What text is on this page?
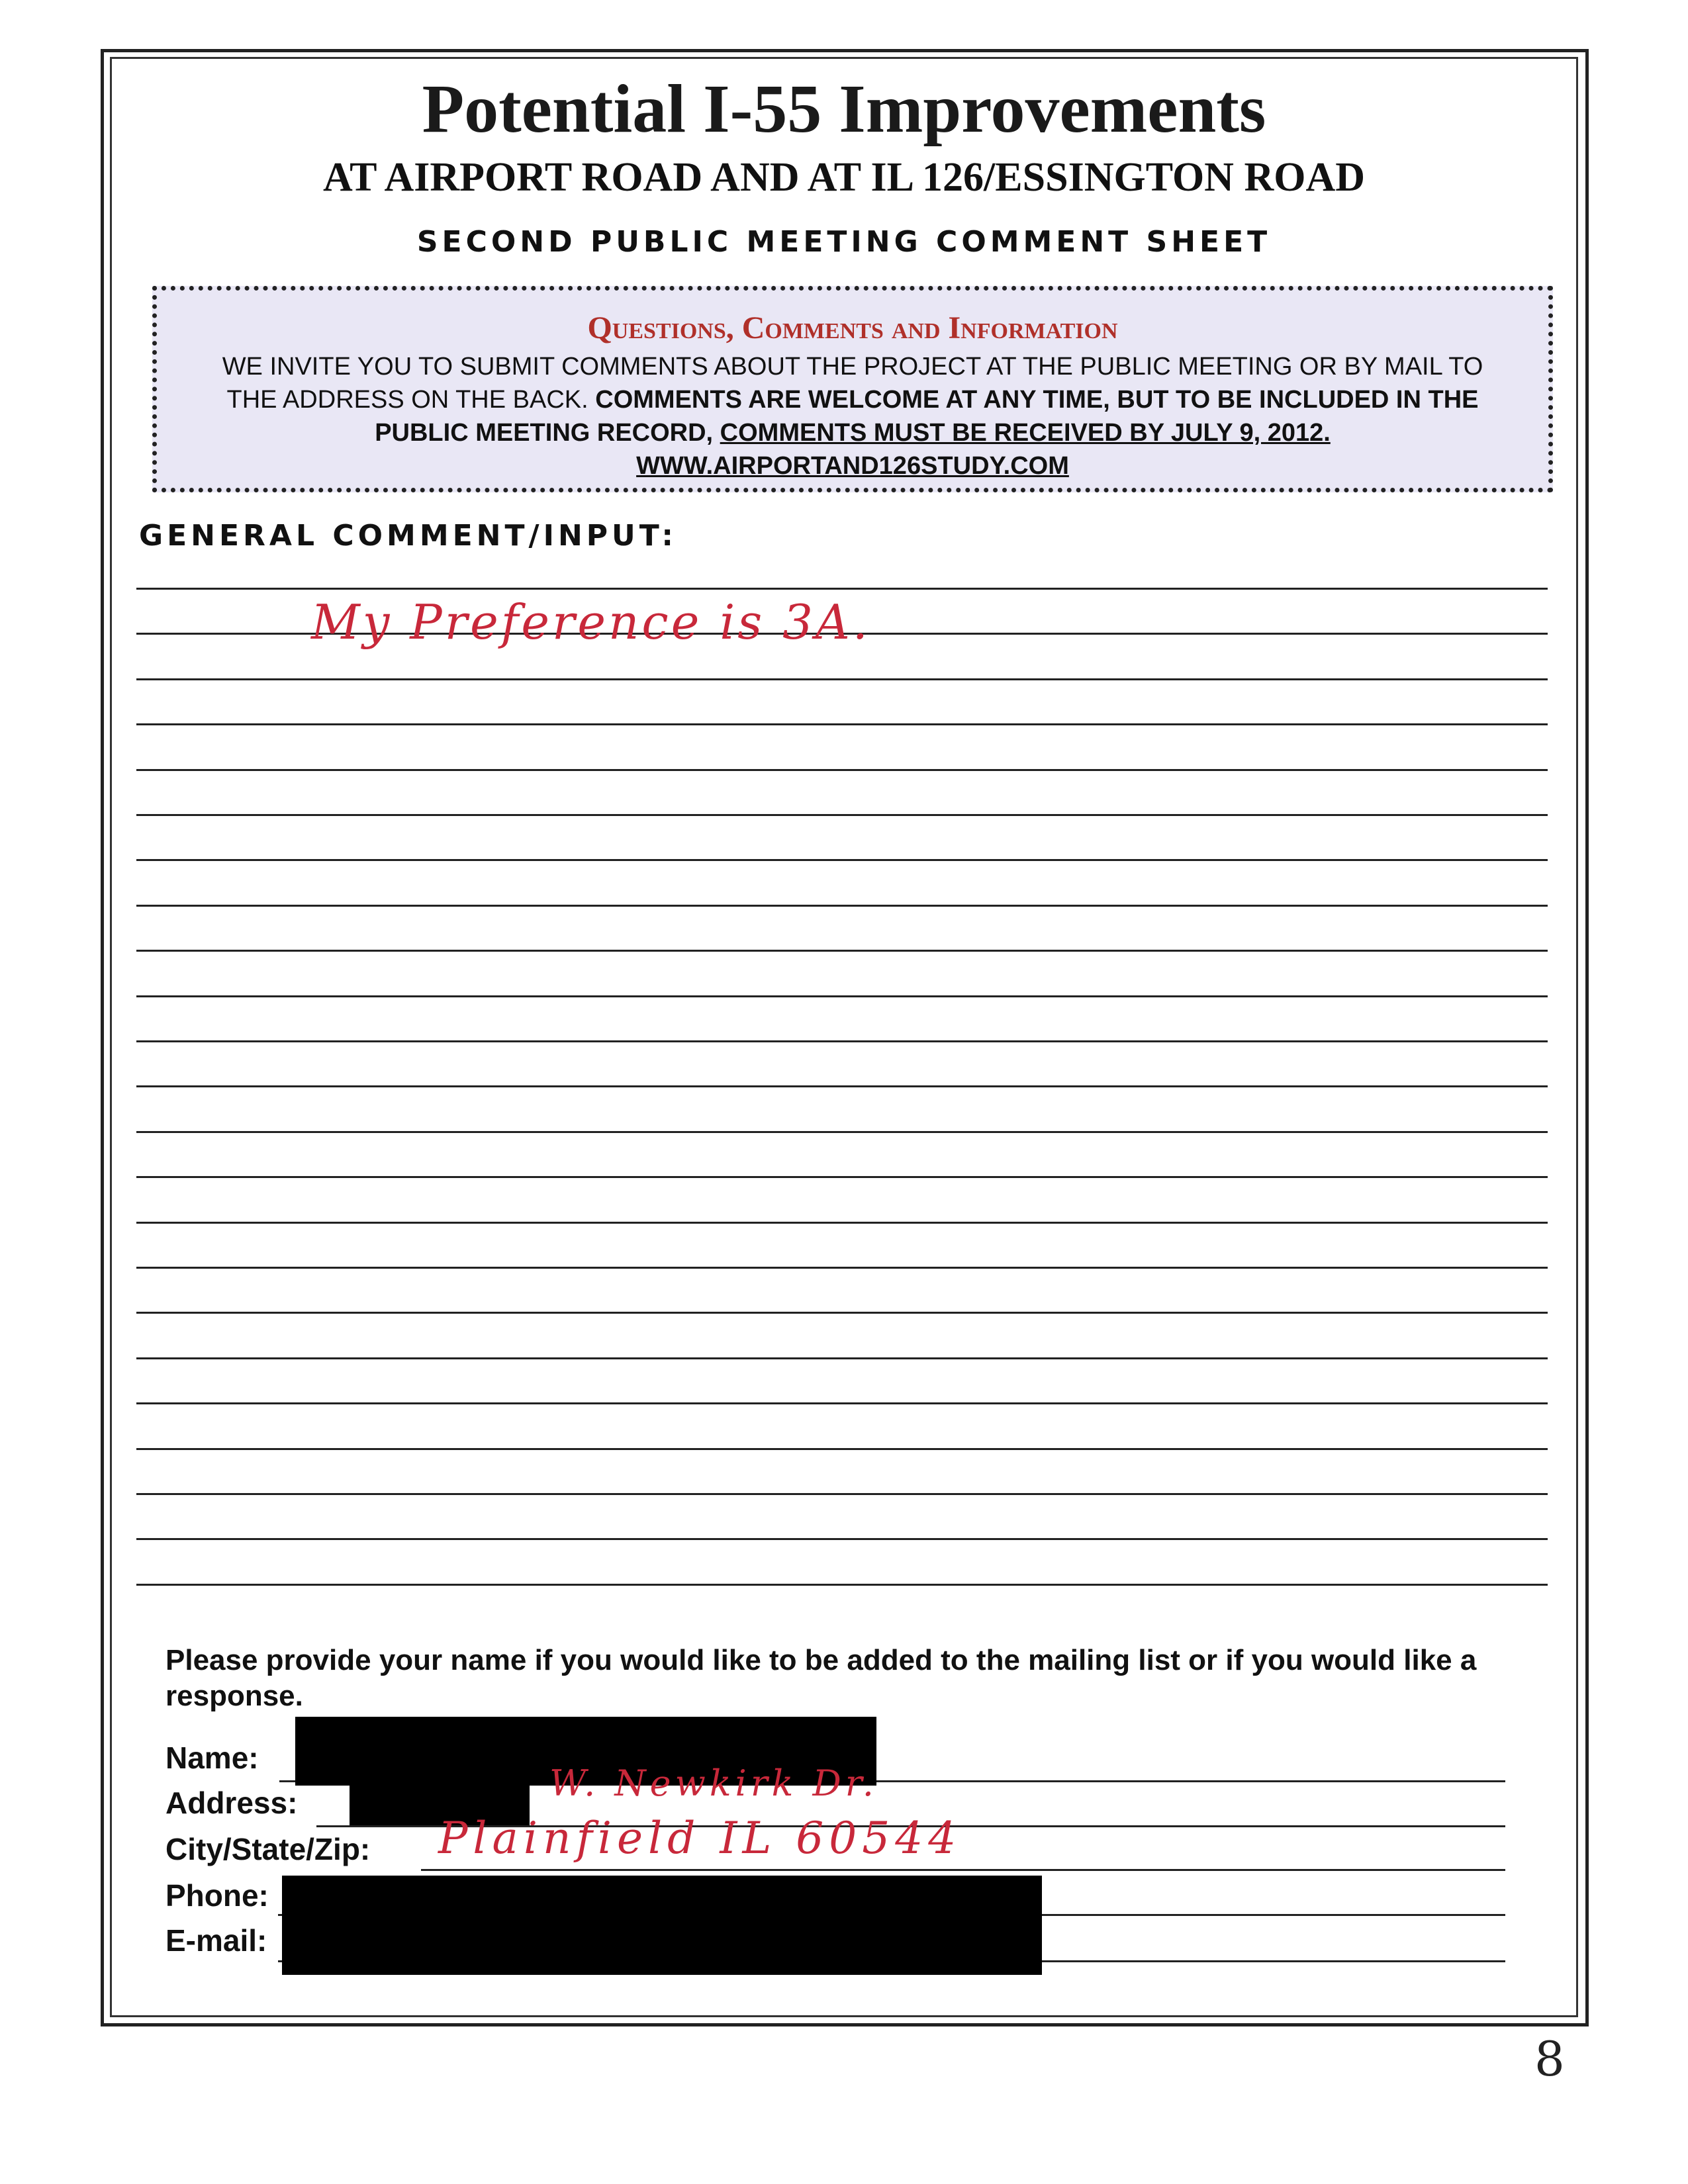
Potential I-55 Improvements
AT AIRPORT ROAD AND AT IL 126/ESSINGTON ROAD
SECOND PUBLIC MEETING COMMENT SHEET
Questions, Comments and Information
WE INVITE YOU TO SUBMIT COMMENTS ABOUT THE PROJECT AT THE PUBLIC MEETING OR BY MAIL TO THE ADDRESS ON THE BACK. COMMENTS ARE WELCOME AT ANY TIME, BUT TO BE INCLUDED IN THE PUBLIC MEETING RECORD, COMMENTS MUST BE RECEIVED BY JULY 9, 2012.
WWW.AIRPORTAND126STUDY.COM
GENERAL COMMENT/INPUT:
My Preference is 3A.
Please provide your name if you would like to be added to the mailing list or if you would like a response.
Name:
Address:	W. Newkirk Dr.
City/State/Zip: Plainfield IL 60544
Phone:
E-mail:
8
